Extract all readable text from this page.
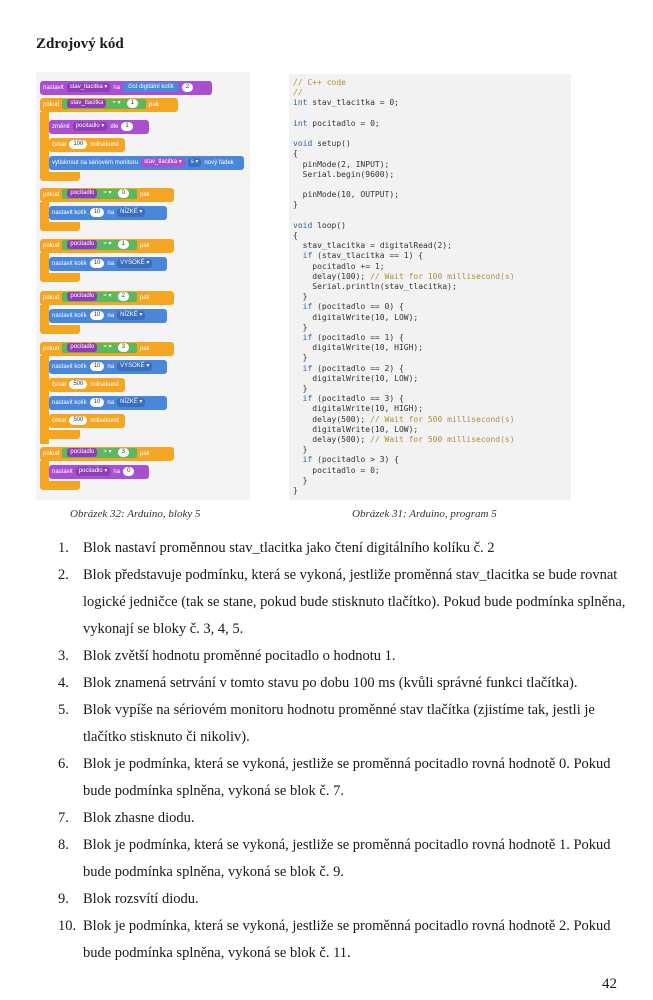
Zdrojový kód
nastavit stav_tlacitka ▾ na číst digitální kolík 2
pokud stav_tlacitka = ▾ 1	pak
změnit pocitadlo ▾ dle 1
čekat 100 milisekund
vytisknout na sériovém monitoru stav_tlacitka ▾ s ▾ nový řádek
pokud pocitadlo = ▾ 0	pak
nastavit kolík 10 na NÍZKÉ ▾
pokud pocitadlo = ▾ 1	pak
nastavit kolík 10 na VYSOKÉ ▾
pokud pocitadlo = ▾ 2	pak
nastavit kolík 10 na NÍZKÉ ▾
pokud pocitadlo = ▾ 3	pak
nastavit kolík 10 na VYSOKÉ ▾
čekat 500 milisekund
nastavit kolík 10 na NÍZKÉ ▾
čekat 500 milisekund
pokud pocitadlo > ▾ 3	pak
nastavit pocitadlo ▾ na 0
Obrázek 32: Arduino, bloky 5
// C++ code
//
int stav_tlacitka = 0;
int pocitadlo = 0;
void setup()
{
pinMode(2, INPUT);
Serial.begin(9600);
pinMode(10, OUTPUT);
}
void loop()
{
stav_tlacitka = digitalRead(2);
if (stav_tlacitka == 1) {
pocitadlo += 1;
delay(100); // Wait for 100 millisecond(s)
Serial.println(stav_tlacitka);
}
if (pocitadlo == 0) {
digitalWrite(10, LOW);
}
if (pocitadlo == 1) {
digitalWrite(10, HIGH);
}
if (pocitadlo == 2) {
digitalWrite(10, LOW);
}
if (pocitadlo == 3) {
digitalWrite(10, HIGH);
delay(500); // Wait for 500 millisecond(s)
digitalWrite(10, LOW);
delay(500); // Wait for 500 millisecond(s)
}
if (pocitadlo > 3) {
pocitadlo = 0;
}
}
Obrázek 31: Arduino, program 5
1. Blok nastaví proměnnou stav_tlacitka jako čtení digitálního kolíku č. 2
2. Blok představuje podmínku, která se vykoná, jestliže proměnná stav_tlacitka se bude rovnat logické jedničce (tak se stane, pokud bude stisknuto tlačítko). Pokud bude podmínka splněna, vykonají se bloky č. 3, 4, 5.
3. Blok zvětší hodnotu proměnné pocitadlo o hodnotu 1.
4. Blok znamená setrvání v tomto stavu po dobu 100 ms (kvůli správné funkci tlačítka).
5. Blok vypíše na sériovém monitoru hodnotu proměnné stav tlačítka (zjistíme tak, jestli je tlačítko stisknuto či nikoliv).
6. Blok je podmínka, která se vykoná, jestliže se proměnná pocitadlo rovná hodnotě 0. Pokud bude podmínka splněna, vykoná se blok č. 7.
7. Blok zhasne diodu.
8. Blok je podmínka, která se vykoná, jestliže se proměnná pocitadlo rovná hodnotě 1. Pokud bude podmínka splněna, vykoná se blok č. 9.
9. Blok rozsvítí diodu.
10. Blok je podmínka, která se vykoná, jestliže se proměnná pocitadlo rovná hodnotě 2. Pokud bude podmínka splněna, vykoná se blok č. 11.
42
